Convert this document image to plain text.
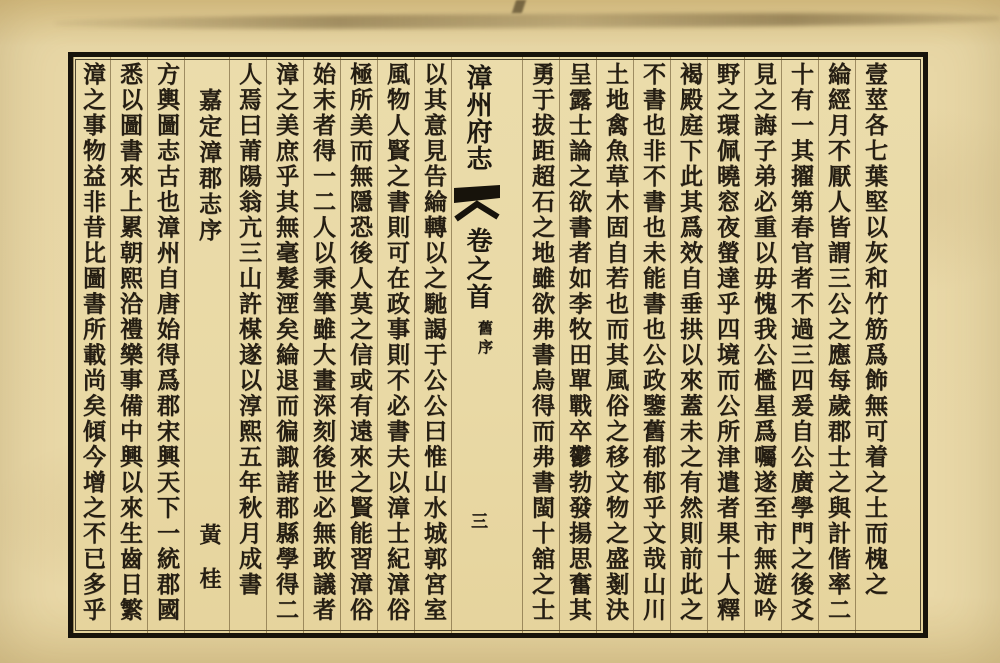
壹莖各七葉堅以灰和竹筋爲飾無可着之土而槐之
綸經月不厭人皆謂三公之應每歲郡士之與計偕率二
十有一其擢第春官者不過三四爰自公廣學門之後爻
見之誨子弟必重以毋愧我公檻星爲囑遂至市無遊吟
野之環佩曉窓夜螢達乎四境而公所津遣者果十人釋
褐殿庭下此其爲效自垂拱以來蓋未之有然則前此之
不書也非不書也未能書也公政鑒舊郁郁乎文哉山川
土地禽魚草木固自若也而其風俗之移文物之盛剗決
呈露士論之欲書者如李牧田單戰卒鬱勃發揚思奮其
勇于拔距超石之地雖欲弗書烏得而弗書閩十舘之士
漳州府志
卷之首
舊序
三
以其意見告綸轉以之馳謁于公公曰惟山水城郭宮室
風物人賢之書則可在政事則不必書夫以漳士紀漳俗
極所美而無隱恐後人莫之信或有遠來之賢能習漳俗
始末者得一二人以秉筆雖大畫深刻後世必無敢議者
漳之美庶乎其無毫髮湮矣綸退而徧諏諸郡縣學得二
人焉曰莆陽翁亢三山許楳遂以淳熙五年秋月成書
嘉定漳郡志序
黃桂
方輿圖志古也漳州自唐始得爲郡宋興天下一統郡國
悉以圖書來上累朝熙洽禮樂事備中興以來生齒日繁
漳之事物益非昔比圖書所載尚矣傾今增之不已多乎
